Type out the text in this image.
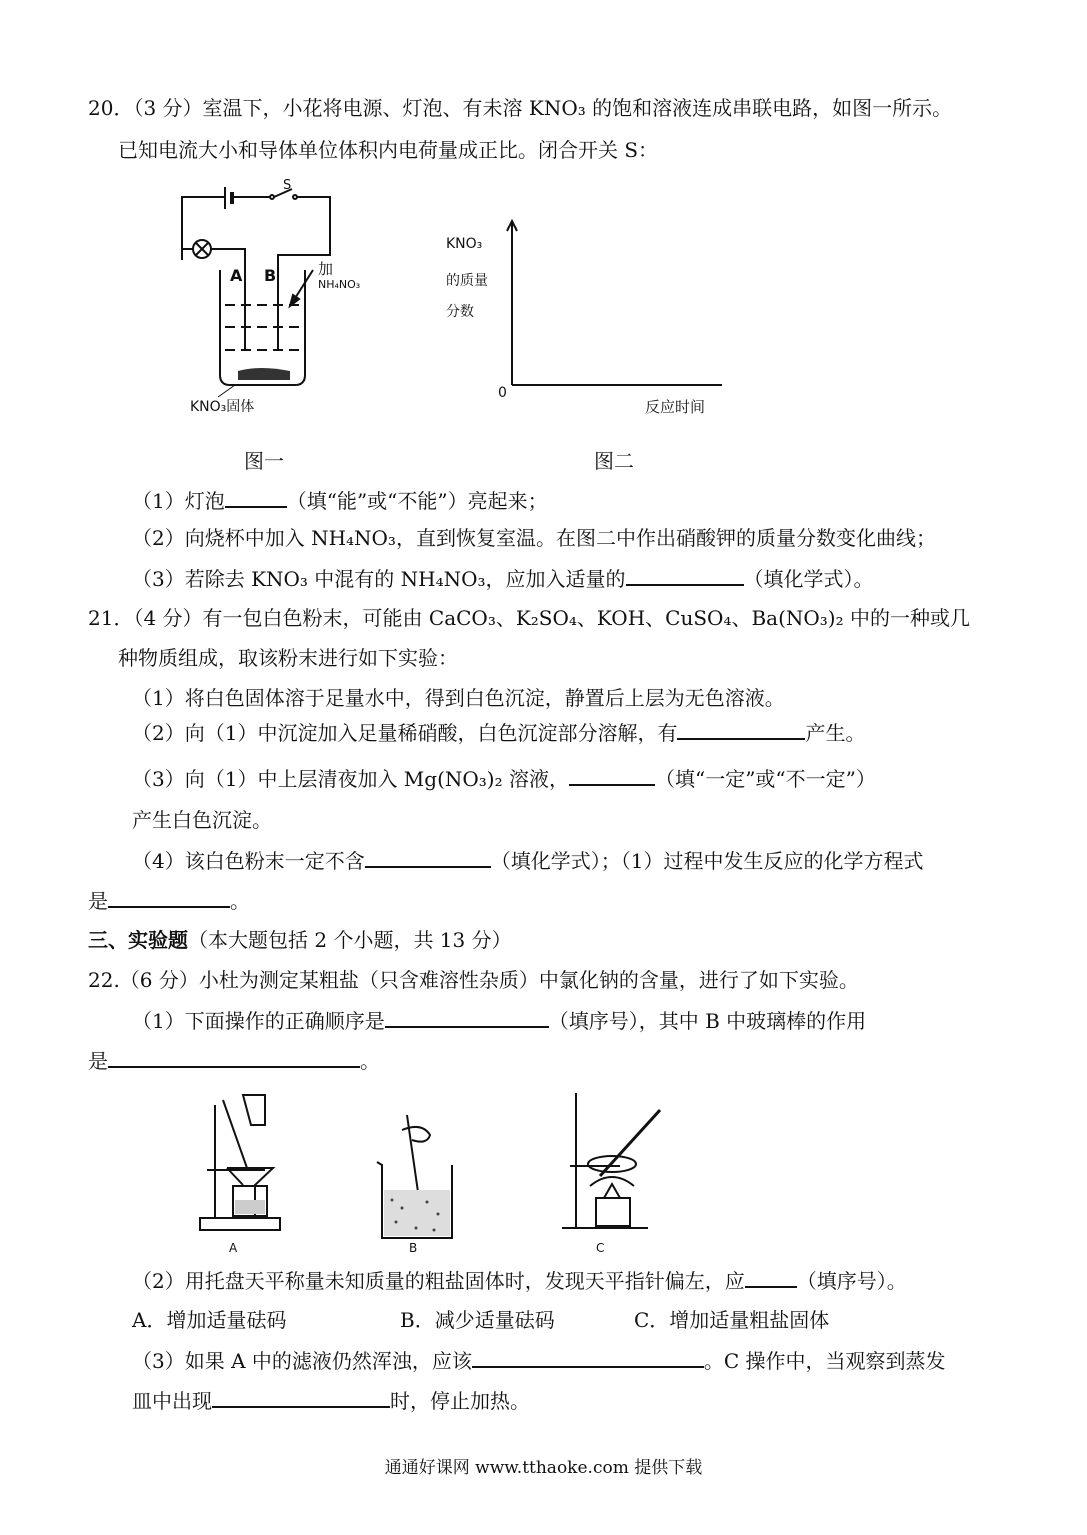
20．（3 分）室温下，小花将电源、灯泡、有未溶 KNO₃ 的饱和溶液连成串联电路，如图一所示。
已知电流大小和导体单位体积内电荷量成正比。闭合开关 S：
A B
S
加
NH₄NO₃
KNO₃固体
图一
KNO₃
的质量
分数
0
反应时间
图二
（1）灯泡	（填“能”或“不能”）亮起来；
（2）向烧杯中加入 NH₄NO₃，直到恢复室温。在图二中作出硝酸钾的质量分数变化曲线；
（3）若除去 KNO₃ 中混有的 NH₄NO₃，应加入适量的	（填化学式）。
21．（4 分）有一包白色粉末，可能由 CaCO₃、K₂SO₄、KOH、CuSO₄、Ba(NO₃)₂ 中的一种或几
种物质组成，取该粉末进行如下实验：
（1）将白色固体溶于足量水中，得到白色沉淀，静置后上层为无色溶液。
（2）向（1）中沉淀加入足量稀硝酸，白色沉淀部分溶解，有	产生。
（3）向（1）中上层清夜加入 Mg(NO₃)₂ 溶液，	（填“一定”或“不一定”）
产生白色沉淀。
（4）该白色粉末一定不含	（填化学式）；（1）过程中发生反应的化学方程式
是	。
三、实验题（本大题包括 2 个小题，共 13 分）
22.（6 分）小杜为测定某粗盐（只含难溶性杂质）中氯化钠的含量，进行了如下实验。
（1）下面操作的正确顺序是	（填序号），其中 B 中玻璃棒的作用
是	。
A	B	C
（2）用托盘天平称量未知质量的粗盐固体时，发现天平指针偏左，应	（填序号）。
A．增加适量砝码	B．减少适量砝码	C．增加适量粗盐固体
（3）如果 A 中的滤液仍然浑浊，应该	。C 操作中，当观察到蒸发
皿中出现	时，停止加热。
通通好课网 www.tthaoke.com 提供下载
